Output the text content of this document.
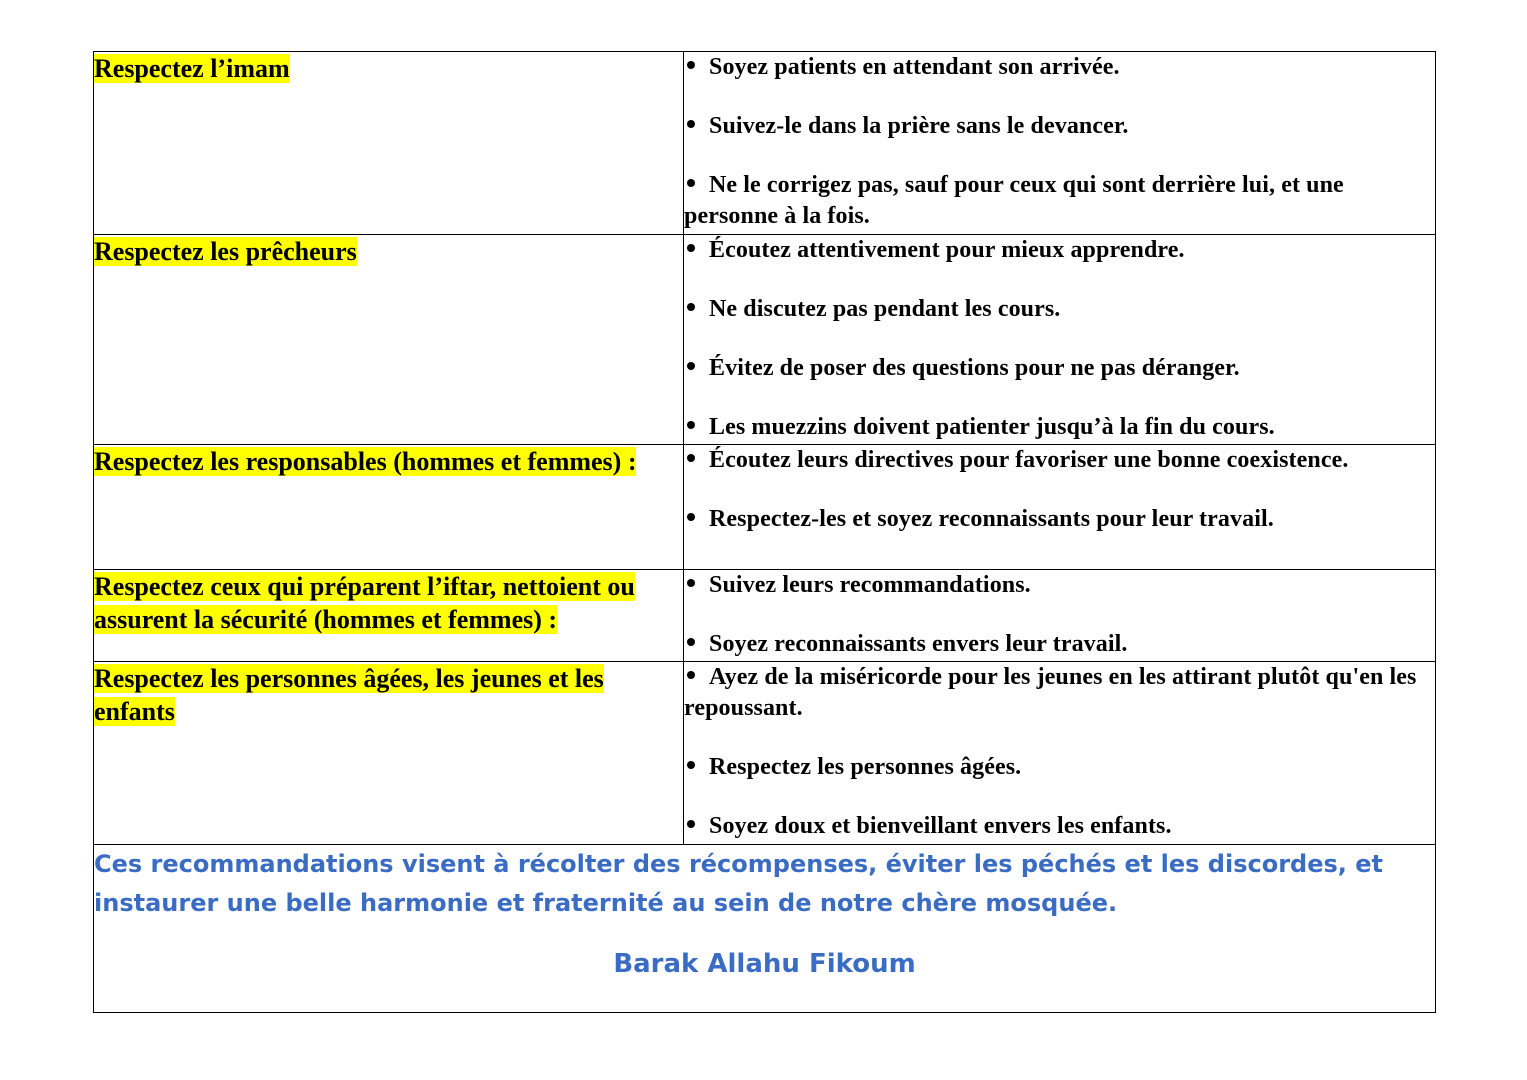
Respectez l’imam	Soyez patients en attendant son arrivée.

Suivez-le dans la prière sans le devancer.

Ne le corrigez pas, sauf pour ceux qui sont derrière lui, et une personne à la fois.

Respectez les prêcheurs	Écoutez attentivement pour mieux apprendre.

Ne discutez pas pendant les cours.

Évitez de poser des questions pour ne pas déranger.

Les muezzins doivent patienter jusqu’à la fin du cours.

Respectez les responsables (hommes et femmes) :	Écoutez leurs directives pour favoriser une bonne coexistence.

Respectez-les et soyez reconnaissants pour leur travail.

Respectez ceux qui préparent l’iftar, nettoient ou assurent la sécurité (hommes et femmes) :	Suivez leurs recommandations.

Soyez reconnaissants envers leur travail.

Respectez les personnes âgées, les jeunes et les enfants	Ayez de la miséricorde pour les jeunes en les attirant plutôt qu'en les repoussant.

Respectez les personnes âgées.

Soyez doux et bienveillant envers les enfants.

Ces recommandations visent à récolter des récompenses, éviter les péchés et les discordes, et instaurer une belle harmonie et fraternité au sein de notre chère mosquée.

Barak Allahu Fikoum	
